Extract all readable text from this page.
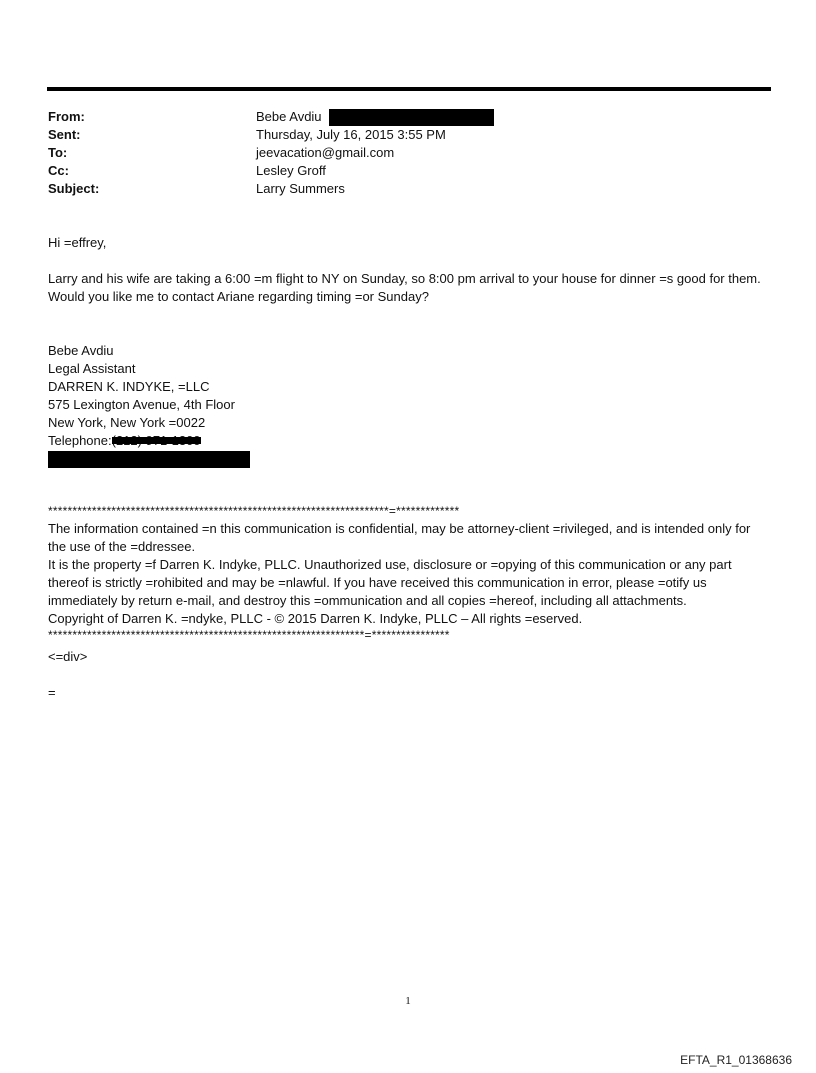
From:	Bebe Avdiu
Sent:	Thursday, July 16, 2015 3:55 PM
To:	jeevacation@gmail.com
Cc:	Lesley Groff
Subject:	Larry Summers

Hi =effrey,

Larry and his wife are taking a 6:00 =m flight to NY on Sunday, so 8:00 pm arrival to your house for dinner =s good for them. Would you like me to contact Ariane regarding timing =or Sunday?

Bebe Avdiu
Legal Assistant
DARREN K. INDYKE, =LLC
575 Lexington Avenue, 4th Floor
New York, New York =0022
Telephone:
**********************************************************************=*************

The information contained =n this communication is confidential, may be attorney-client =rivileged, and is intended only for the use of the =ddressee.

It is the property =f Darren K. Indyke, PLLC. Unauthorized use, disclosure or =opying of this communication or any part thereof is strictly =rohibited and may be =nlawful. If you have received this communication in error, please =otify us immediately by return e-mail, and destroy this =ommunication and all copies =hereof, including all attachments.

Copyright of Darren K. =ndyke, PLLC - © 2015 Darren K. Indyke, PLLC – All rights =eserved.

*****************************************************************=****************
<=div>
=
1
EFTA_R1_01368636
